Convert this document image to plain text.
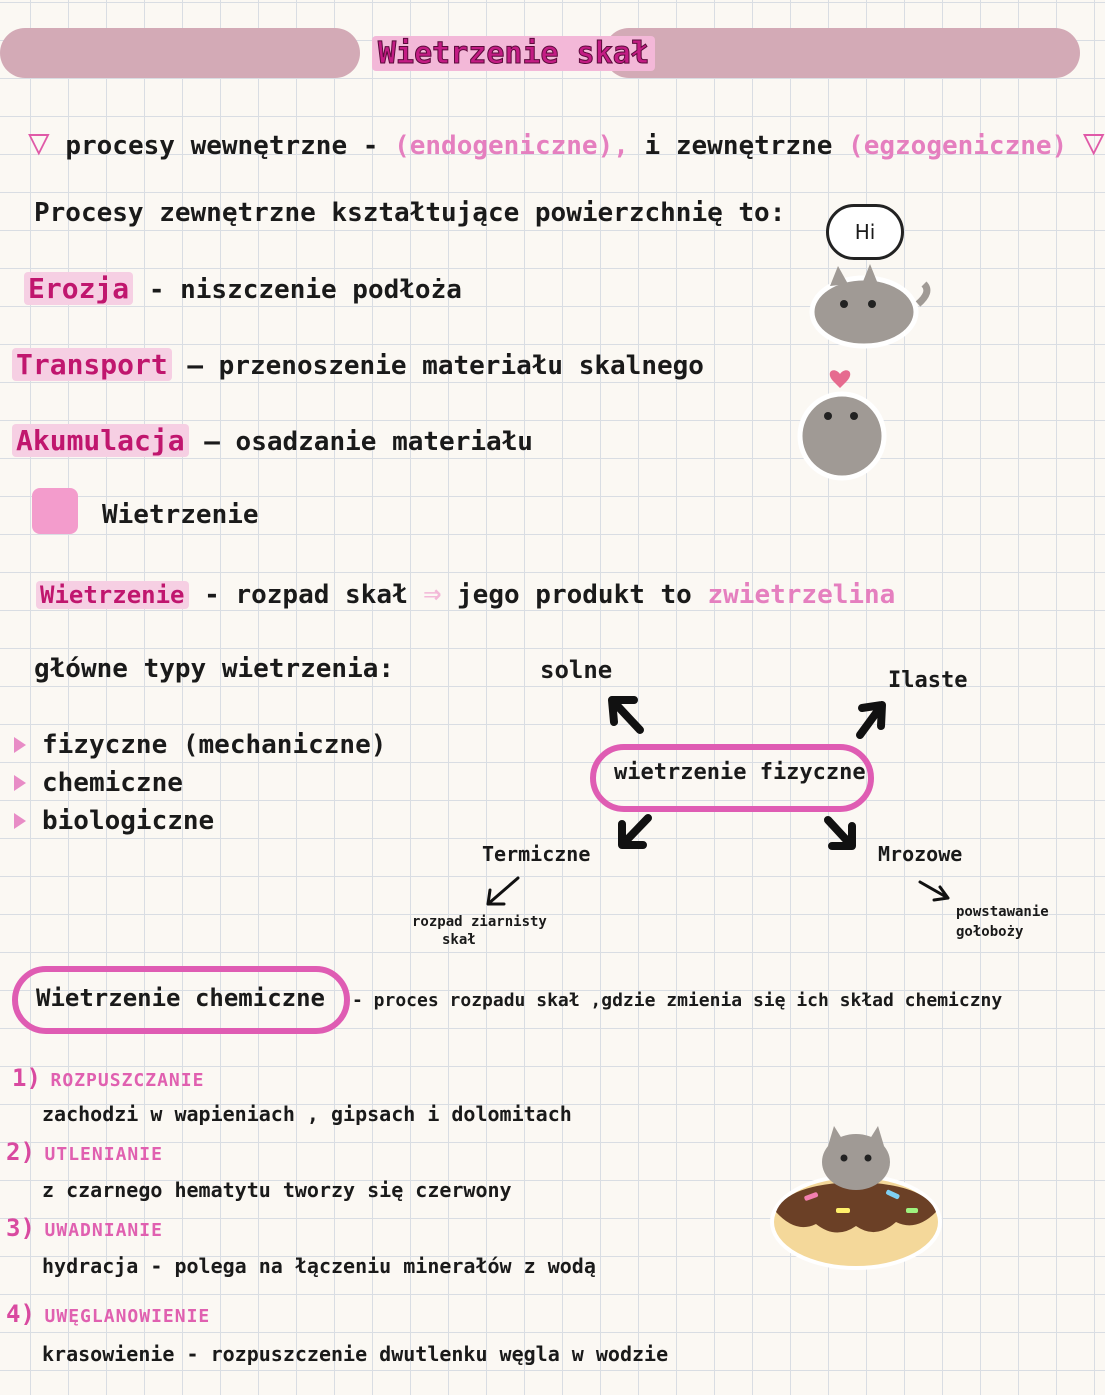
Wietrzenie skał
▽ procesy wewnętrzne - (endogeniczne), i zewnętrzne (egzogeniczne) ▽
Procesy zewnętrzne kształtujące powierzchnię to:
Erozja - niszczenie podłoża
Transport — przenoszenie materiału skalnego
Akumulacja — osadzanie materiału
Wietrzenie
Wietrzenie - rozpad skał ⇒ jego produkt to zwietrzelina
główne typy wietrzenia:
fizyczne (mechaniczne)
chemiczne
biologiczne
wietrzenie fizyczne
solne	Ilaste
Termiczne	Mrozowe
rozpad ziarnisty
skał
powstawanie
gołoboży
Wietrzenie chemiczne - proces rozpadu skał ,gdzie zmienia się ich skład chemiczny
1) ROZPUSZCZANIE
zachodzi w wapieniach , gipsach i dolomitach
2) UTLENIANIE
z czarnego hematytu tworzy się czerwony
3) UWADNIANIE
hydracja - polega na łączeniu minerałów z wodą
4) UWĘGLANOWIENIE
krasowienie - rozpuszczenie dwutlenku węgla w wodzie
Hi
